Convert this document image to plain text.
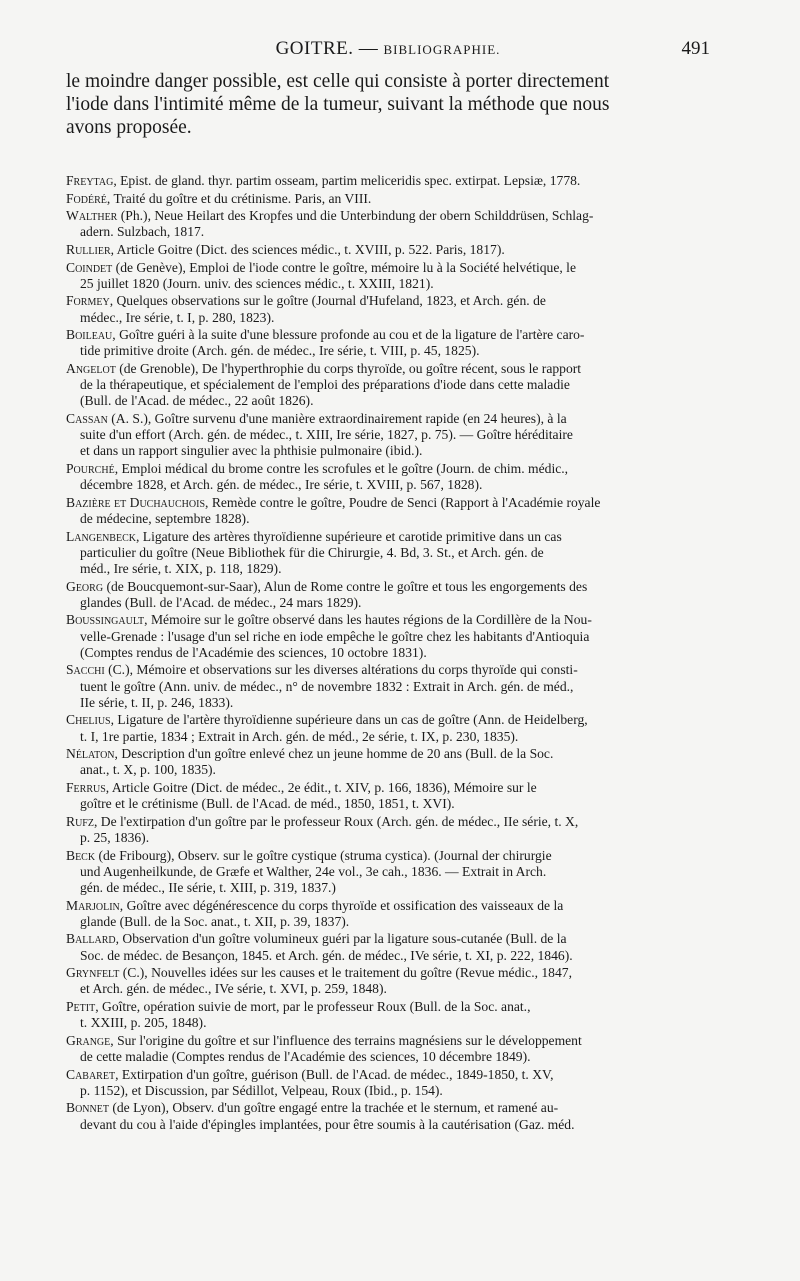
GOITRE. — BIBLIOGRAPHIE.	491
le moindre danger possible, est celle qui consiste à porter directement
l'iode dans l'intimité même de la tumeur, suivant la méthode que nous
avons proposée.
Freytag, Epist. de gland. thyr. partim osseam, partim meliceridis spec. extirpat. Lepsiæ, 1778.
Fodéré, Traité du goître et du crétinisme. Paris, an VIII.
Walther (Ph.), Neue Heilart des Kropfes und die Unterbindung der obern Schilddrüsen, Schlag-
adern. Sulzbach, 1817.
Rullier, Article Goitre (Dict. des sciences médic., t. XVIII, p. 522. Paris, 1817).
Coindet (de Genève), Emploi de l'iode contre le goître, mémoire lu à la Société helvétique, le
25 juillet 1820 (Journ. univ. des sciences médic., t. XXIII, 1821).
Formey, Quelques observations sur le goître (Journal d'Hufeland, 1823, et Arch. gén. de
médec., Ire série, t. I, p. 280, 1823).
Boileau, Goître guéri à la suite d'une blessure profonde au cou et de la ligature de l'artère caro-
tide primitive droite (Arch. gén. de médec., Ire série, t. VIII, p. 45, 1825).
Angelot (de Grenoble), De l'hyperthrophie du corps thyroïde, ou goître récent, sous le rapport
de la thérapeutique, et spécialement de l'emploi des préparations d'iode dans cette maladie
(Bull. de l'Acad. de médec., 22 août 1826).
Cassan (A. S.), Goître survenu d'une manière extraordinairement rapide (en 24 heures), à la
suite d'un effort (Arch. gén. de médec., t. XIII, Ire série, 1827, p. 75). — Goître héréditaire
et dans un rapport singulier avec la phthisie pulmonaire (ibid.).
Pourché, Emploi médical du brome contre les scrofules et le goître (Journ. de chim. médic.,
décembre 1828, et Arch. gén. de médec., Ire série, t. XVIII, p. 567, 1828).
Bazière et Duchauchois, Remède contre le goître, Poudre de Senci (Rapport à l'Académie royale
de médecine, septembre 1828).
Langenbeck, Ligature des artères thyroïdienne supérieure et carotide primitive dans un cas
particulier du goître (Neue Bibliothek für die Chirurgie, 4. Bd, 3. St., et Arch. gén. de
méd., Ire série, t. XIX, p. 118, 1829).
Georg (de Boucquemont-sur-Saar), Alun de Rome contre le goître et tous les engorgements des
glandes (Bull. de l'Acad. de médec., 24 mars 1829).
Boussingault, Mémoire sur le goître observé dans les hautes régions de la Cordillère de la Nou-
velle-Grenade : l'usage d'un sel riche en iode empêche le goître chez les habitants d'Antioquia
(Comptes rendus de l'Académie des sciences, 10 octobre 1831).
Sacchi (C.), Mémoire et observations sur les diverses altérations du corps thyroïde qui consti-
tuent le goître (Ann. univ. de médec., n° de novembre 1832 : Extrait in Arch. gén. de méd.,
IIe série, t. II, p. 246, 1833).
Chelius, Ligature de l'artère thyroïdienne supérieure dans un cas de goître (Ann. de Heidelberg,
t. I, 1re partie, 1834 ; Extrait in Arch. gén. de méd., 2e série, t. IX, p. 230, 1835).
Nélaton, Description d'un goître enlevé chez un jeune homme de 20 ans (Bull. de la Soc.
anat., t. X, p. 100, 1835).
Ferrus, Article Goitre (Dict. de médec., 2e édit., t. XIV, p. 166, 1836), Mémoire sur le
goître et le crétinisme (Bull. de l'Acad. de méd., 1850, 1851, t. XVI).
Rufz, De l'extirpation d'un goître par le professeur Roux (Arch. gén. de médec., IIe série, t. X,
p. 25, 1836).
Beck (de Fribourg), Observ. sur le goître cystique (struma cystica). (Journal der chirurgie
und Augenheilkunde, de Græfe et Walther, 24e vol., 3e cah., 1836. — Extrait in Arch.
gén. de médec., IIe série, t. XIII, p. 319, 1837.)
Marjolin, Goître avec dégénérescence du corps thyroïde et ossification des vaisseaux de la
glande (Bull. de la Soc. anat., t. XII, p. 39, 1837).
Ballard, Observation d'un goître volumineux guéri par la ligature sous-cutanée (Bull. de la
Soc. de médec. de Besançon, 1845. et Arch. gén. de médec., IVe série, t. XI, p. 222, 1846).
Grynfelt (C.), Nouvelles idées sur les causes et le traitement du goître (Revue médic., 1847,
et Arch. gén. de médec., IVe série, t. XVI, p. 259, 1848).
Petit, Goître, opération suivie de mort, par le professeur Roux (Bull. de la Soc. anat.,
t. XXIII, p. 205, 1848).
Grange, Sur l'origine du goître et sur l'influence des terrains magnésiens sur le développement
de cette maladie (Comptes rendus de l'Académie des sciences, 10 décembre 1849).
Cabaret, Extirpation d'un goître, guérison (Bull. de l'Acad. de médec., 1849-1850, t. XV,
p. 1152), et Discussion, par Sédillot, Velpeau, Roux (Ibid., p. 154).
Bonnet (de Lyon), Observ. d'un goître engagé entre la trachée et le sternum, et ramené au-
devant du cou à l'aide d'épingles implantées, pour être soumis à la cautérisation (Gaz. méd.
